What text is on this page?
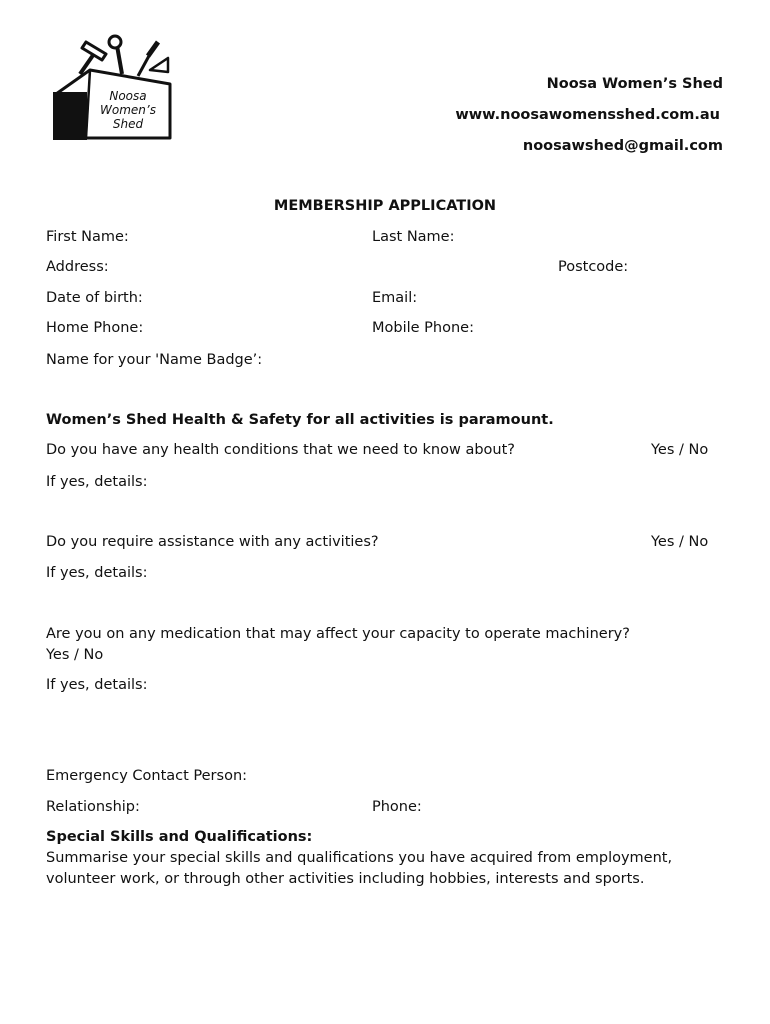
Noosa
Women’s
Shed
Noosa Women’s Shed
www.noosawomensshed.com.au
noosawshed@gmail.com
MEMBERSHIP APPLICATION
First Name:	Last Name:
Address:	Postcode:
Date of birth:	Email:
Home Phone:	Mobile Phone:
Name for your 'Name Badge’:
Women’s Shed Health & Safety for all activities is paramount.
Do you have any health conditions that we need to know about?	Yes / No
If yes, details:
Do you require assistance with any activities?	Yes / No
If yes, details:
Are you on any medication that may affect your capacity to operate machinery?
Yes / No
If yes, details:
Emergency Contact Person:
Relationship:	Phone:
Special Skills and Qualifications:
Summarise your special skills and qualifications you have acquired from employment,
volunteer work, or through other activities including hobbies, interests and sports.
